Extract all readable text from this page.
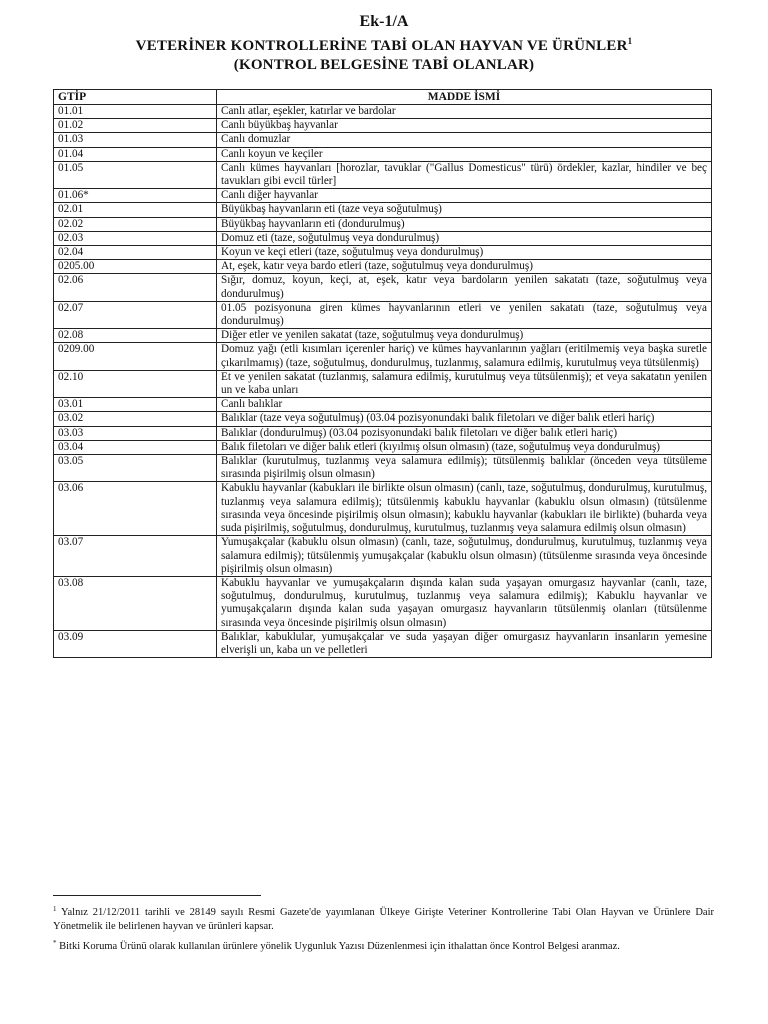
Ek-1/A
VETERİNER KONTROLLERİNE TABİ OLAN HAYVAN VE ÜRÜNLER$^1$
(KONTROL BELGESİNE TABİ OLANLAR)
GTİP	MADDE İSMİ
01.01	Canlı atlar, eşekler, katırlar ve bardolar
01.02	Canlı büyükbaş hayvanlar
01.03	Canlı domuzlar
01.04	Canlı koyun ve keçiler
01.05	Canlı kümes hayvanları [horozlar, tavuklar ("Gallus Domesticus" türü) ördekler, kazlar, hindiler ve beç tavukları gibi evcil türler]
01.06*	Canlı diğer hayvanlar
02.01	Büyükbaş hayvanların eti (taze veya soğutulmuş)
02.02	Büyükbaş hayvanların eti (dondurulmuş)
02.03	Domuz eti (taze, soğutulmuş veya dondurulmuş)
02.04	Koyun ve keçi etleri (taze, soğutulmuş veya dondurulmuş)
0205.00	At, eşek, katır veya bardo etleri (taze, soğutulmuş veya dondurulmuş)
02.06	Sığır, domuz, koyun, keçi, at, eşek, katır veya bardoların yenilen sakatatı (taze, soğutulmuş veya dondurulmuş)
02.07	01.05 pozisyonuna giren kümes hayvanlarının etleri ve yenilen sakatatı (taze, soğutulmuş veya dondurulmuş)
02.08	Diğer etler ve yenilen sakatat (taze, soğutulmuş veya dondurulmuş)
0209.00	Domuz yağı (etli kısımları içerenler hariç) ve kümes hayvanlarının yağları (eritilmemiş veya başka suretle çıkarılmamış) (taze, soğutulmuş, dondurulmuş, tuzlanmış, salamura edilmiş, kurutulmuş veya tütsülenmiş)
02.10	Et ve yenilen sakatat (tuzlanmış, salamura edilmiş, kurutulmuş veya tütsülenmiş); et veya sakatatın yenilen un ve kaba unları
03.01	Canlı balıklar
03.02	Balıklar (taze veya soğutulmuş) (03.04 pozisyonundaki balık filetoları ve diğer balık etleri hariç)
03.03	Balıklar (dondurulmuş) (03.04 pozisyonundaki balık filetoları ve diğer balık etleri hariç)
03.04	Balık filetoları ve diğer balık etleri (kıyılmış olsun olmasın) (taze, soğutulmuş veya dondurulmuş)
03.05	Balıklar (kurutulmuş, tuzlanmış veya salamura edilmiş); tütsülenmiş balıklar (önceden veya tütsüleme sırasında pişirilmiş olsun olmasın)
03.06	Kabuklu hayvanlar (kabukları ile birlikte olsun olmasın) (canlı, taze, soğutulmuş, dondurulmuş, kurutulmuş, tuzlanmış veya salamura edilmiş); tütsülenmiş kabuklu hayvanlar (kabuklu olsun olmasın) (tütsülenme sırasında veya öncesinde pişirilmiş olsun olmasın); kabuklu hayvanlar (kabukları ile birlikte) (buharda veya suda pişirilmiş, soğutulmuş, dondurulmuş, kurutulmuş, tuzlanmış veya salamura edilmiş olsun olmasın)
03.07	Yumuşakçalar (kabuklu olsun olmasın) (canlı, taze, soğutulmuş, dondurulmuş, kurutulmuş, tuzlanmış veya salamura edilmiş); tütsülenmiş yumuşakçalar (kabuklu olsun olmasın) (tütsülenme sırasında veya öncesinde pişirilmiş olsun olmasın)
03.08	Kabuklu hayvanlar ve yumuşakçaların dışında kalan suda yaşayan omurgasız hayvanlar (canlı, taze, soğutulmuş, dondurulmuş, kurutulmuş, tuzlanmış veya salamura edilmiş); Kabuklu hayvanlar ve yumuşakçaların dışında kalan suda yaşayan omurgasız hayvanların tütsülenmiş olanları (tütsülenme sırasında veya öncesinde pişirilmiş olsun olmasın)
03.09	Balıklar, kabuklular, yumuşakçalar ve suda yaşayan diğer omurgasız hayvanların insanların yemesine elverişli un, kaba un ve pelletleri

$^1$ Yalnız 21/12/2011 tarihli ve 28149 sayılı Resmi Gazete'de yayımlanan Ülkeye Girişte Veteriner Kontrollerine Tabi Olan Hayvan ve Ürünlere Dair Yönetmelik ile belirlenen hayvan ve ürünleri kapsar.

* Bitki Koruma Ürünü olarak kullanılan ürünlere yönelik Uygunluk Yazısı Düzenlenmesi için ithalattan önce Kontrol Belgesi aranmaz.
